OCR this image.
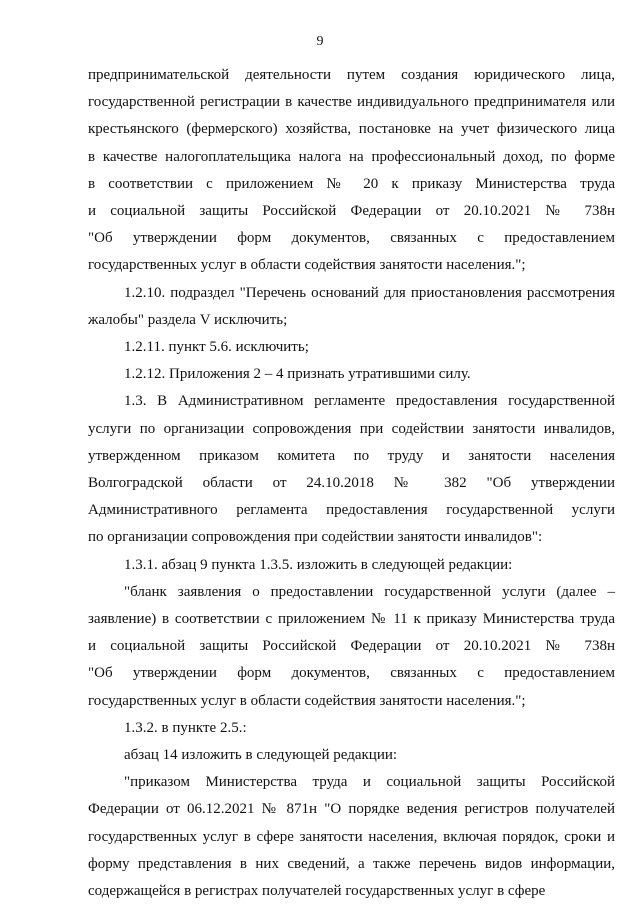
9
предпринимательской деятельности путем создания юридического лица,
государственной регистрации в качестве индивидуального предпринимателя или
крестьянского (фермерского) хозяйства, постановке на учет физического лица
в качестве налогоплательщика налога на профессиональный доход, по форме
в соответствии с приложением № 20 к приказу Министерства труда
и социальной защиты Российской Федерации от 20.10.2021 № 738н
"Об утверждении форм документов, связанных с предоставлением
государственных услуг в области содействия занятости населения.";
1.2.10. подраздел "Перечень оснований для приостановления рассмотрения
жалобы" раздела V исключить;
1.2.11. пункт 5.6. исключить;
1.2.12. Приложения 2 – 4 признать утратившими силу.
1.3. В Административном регламенте предоставления государственной
услуги по организации сопровождения при содействии занятости инвалидов,
утвержденном приказом комитета по труду и занятости населения
Волгоградской области от 24.10.2018 № 382 "Об утверждении
Административного регламента предоставления государственной услуги
по организации сопровождения при содействии занятости инвалидов":
1.3.1. абзац 9 пункта 1.3.5. изложить в следующей редакции:
"бланк заявления о предоставлении государственной услуги (далее –
заявление) в соответствии с приложением № 11 к приказу Министерства труда
и социальной защиты Российской Федерации от 20.10.2021 № 738н
"Об утверждении форм документов, связанных с предоставлением
государственных услуг в области содействия занятости населения.";
1.3.2. в пункте 2.5.:
абзац 14 изложить в следующей редакции:
"приказом Министерства труда и социальной защиты Российской
Федерации от 06.12.2021 № 871н "О порядке ведения регистров получателей
государственных услуг в сфере занятости населения, включая порядок, сроки и
форму представления в них сведений, а также перечень видов информации,
содержащейся в регистрах получателей государственных услуг в сфере
